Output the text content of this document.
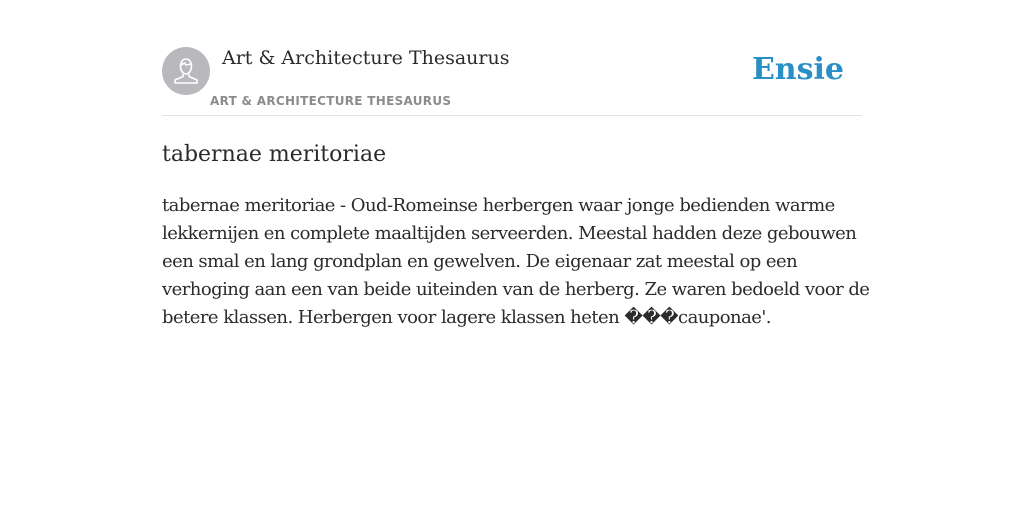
Art & Architecture Thesaurus
ART & ARCHITECTURE THESAURUS
Ensie
tabernae meritoriae

tabernae meritoriae - Oud-Romeinse herbergen waar jonge bedienden warme
lekkernijen en complete maaltijden serveerden. Meestal hadden deze gebouwen
een smal en lang grondplan en gewelven. De eigenaar zat meestal op een
verhoging aan een van beide uiteinden van de herberg. Ze waren bedoeld voor de
betere klassen. Herbergen voor lagere klassen heten ���cauponae'.
